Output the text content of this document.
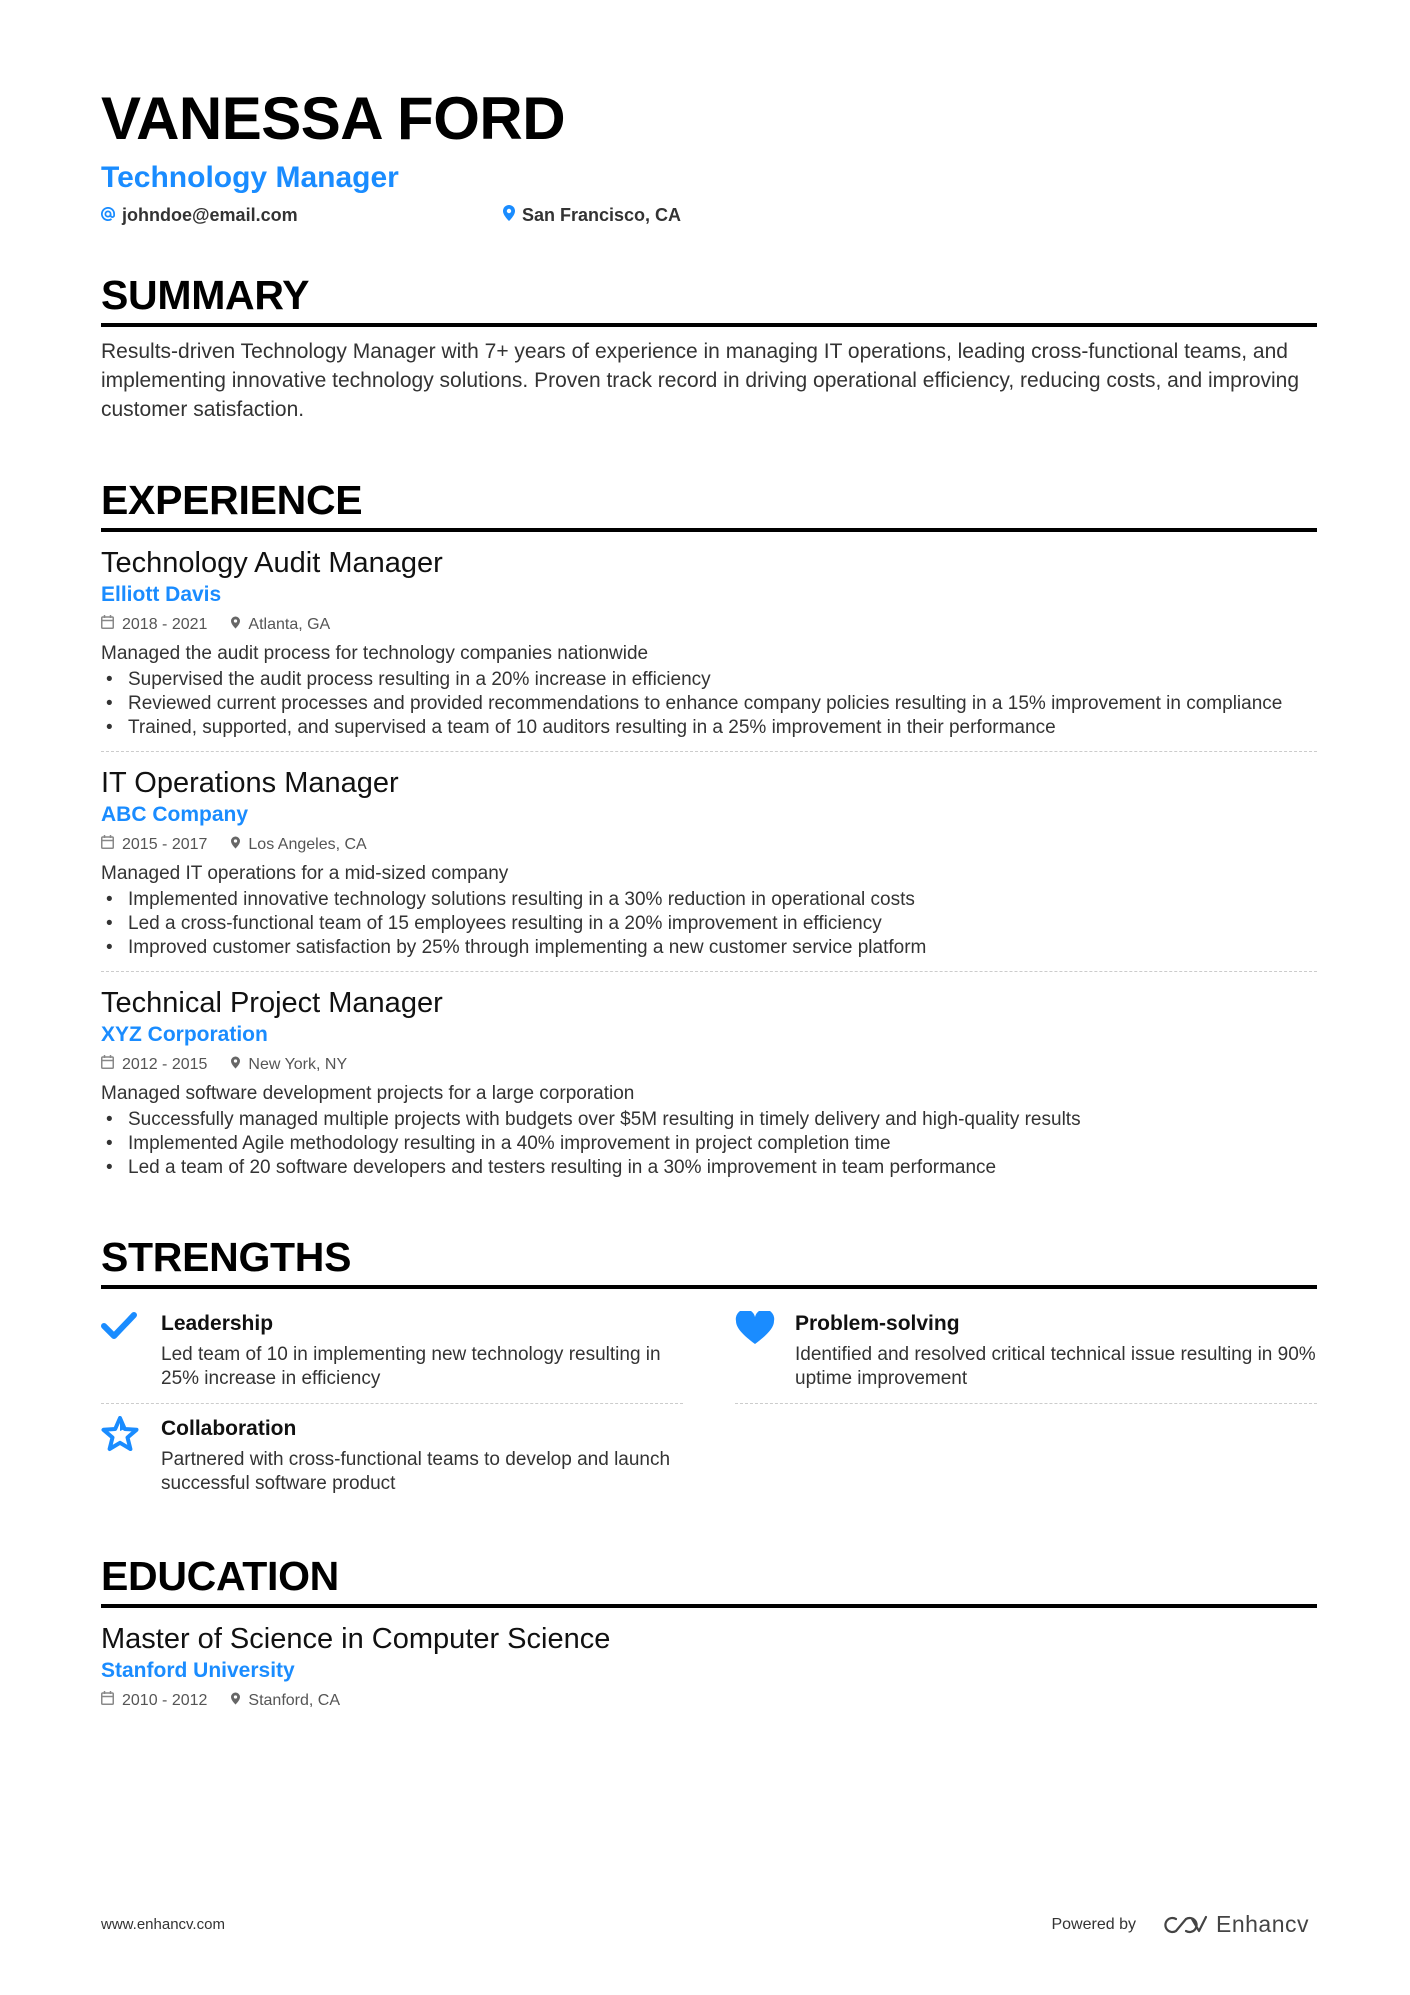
VANESSA FORD
Technology Manager
johndoe@email.com	San Francisco, CA
SUMMARY
Results-driven Technology Manager with 7+ years of experience in managing IT operations, leading cross-functional teams, and implementing innovative technology solutions. Proven track record in driving operational efficiency, reducing costs, and improving customer satisfaction.
EXPERIENCE
Technology Audit Manager
Elliott Davis
2018 - 2021	Atlanta, GA
Managed the audit process for technology companies nationwide
• Supervised the audit process resulting in a 20% increase in efficiency
• Reviewed current processes and provided recommendations to enhance company policies resulting in a 15% improvement in compliance
• Trained, supported, and supervised a team of 10 auditors resulting in a 25% improvement in their performance
IT Operations Manager
ABC Company
2015 - 2017	Los Angeles, CA
Managed IT operations for a mid-sized company
• Implemented innovative technology solutions resulting in a 30% reduction in operational costs
• Led a cross-functional team of 15 employees resulting in a 20% improvement in efficiency
• Improved customer satisfaction by 25% through implementing a new customer service platform
Technical Project Manager
XYZ Corporation
2012 - 2015	New York, NY
Managed software development projects for a large corporation
• Successfully managed multiple projects with budgets over $5M resulting in timely delivery and high-quality results
• Implemented Agile methodology resulting in a 40% improvement in project completion time
• Led a team of 20 software developers and testers resulting in a 30% improvement in team performance
STRENGTHS
Leadership
Led team of 10 in implementing new technology resulting in 25% increase in efficiency
Problem-solving
Identified and resolved critical technical issue resulting in 90% uptime improvement
Collaboration
Partnered with cross-functional teams to develop and launch successful software product
EDUCATION
Master of Science in Computer Science
Stanford University
2010 - 2012	Stanford, CA
www.enhancv.com	Powered by	Enhancv
